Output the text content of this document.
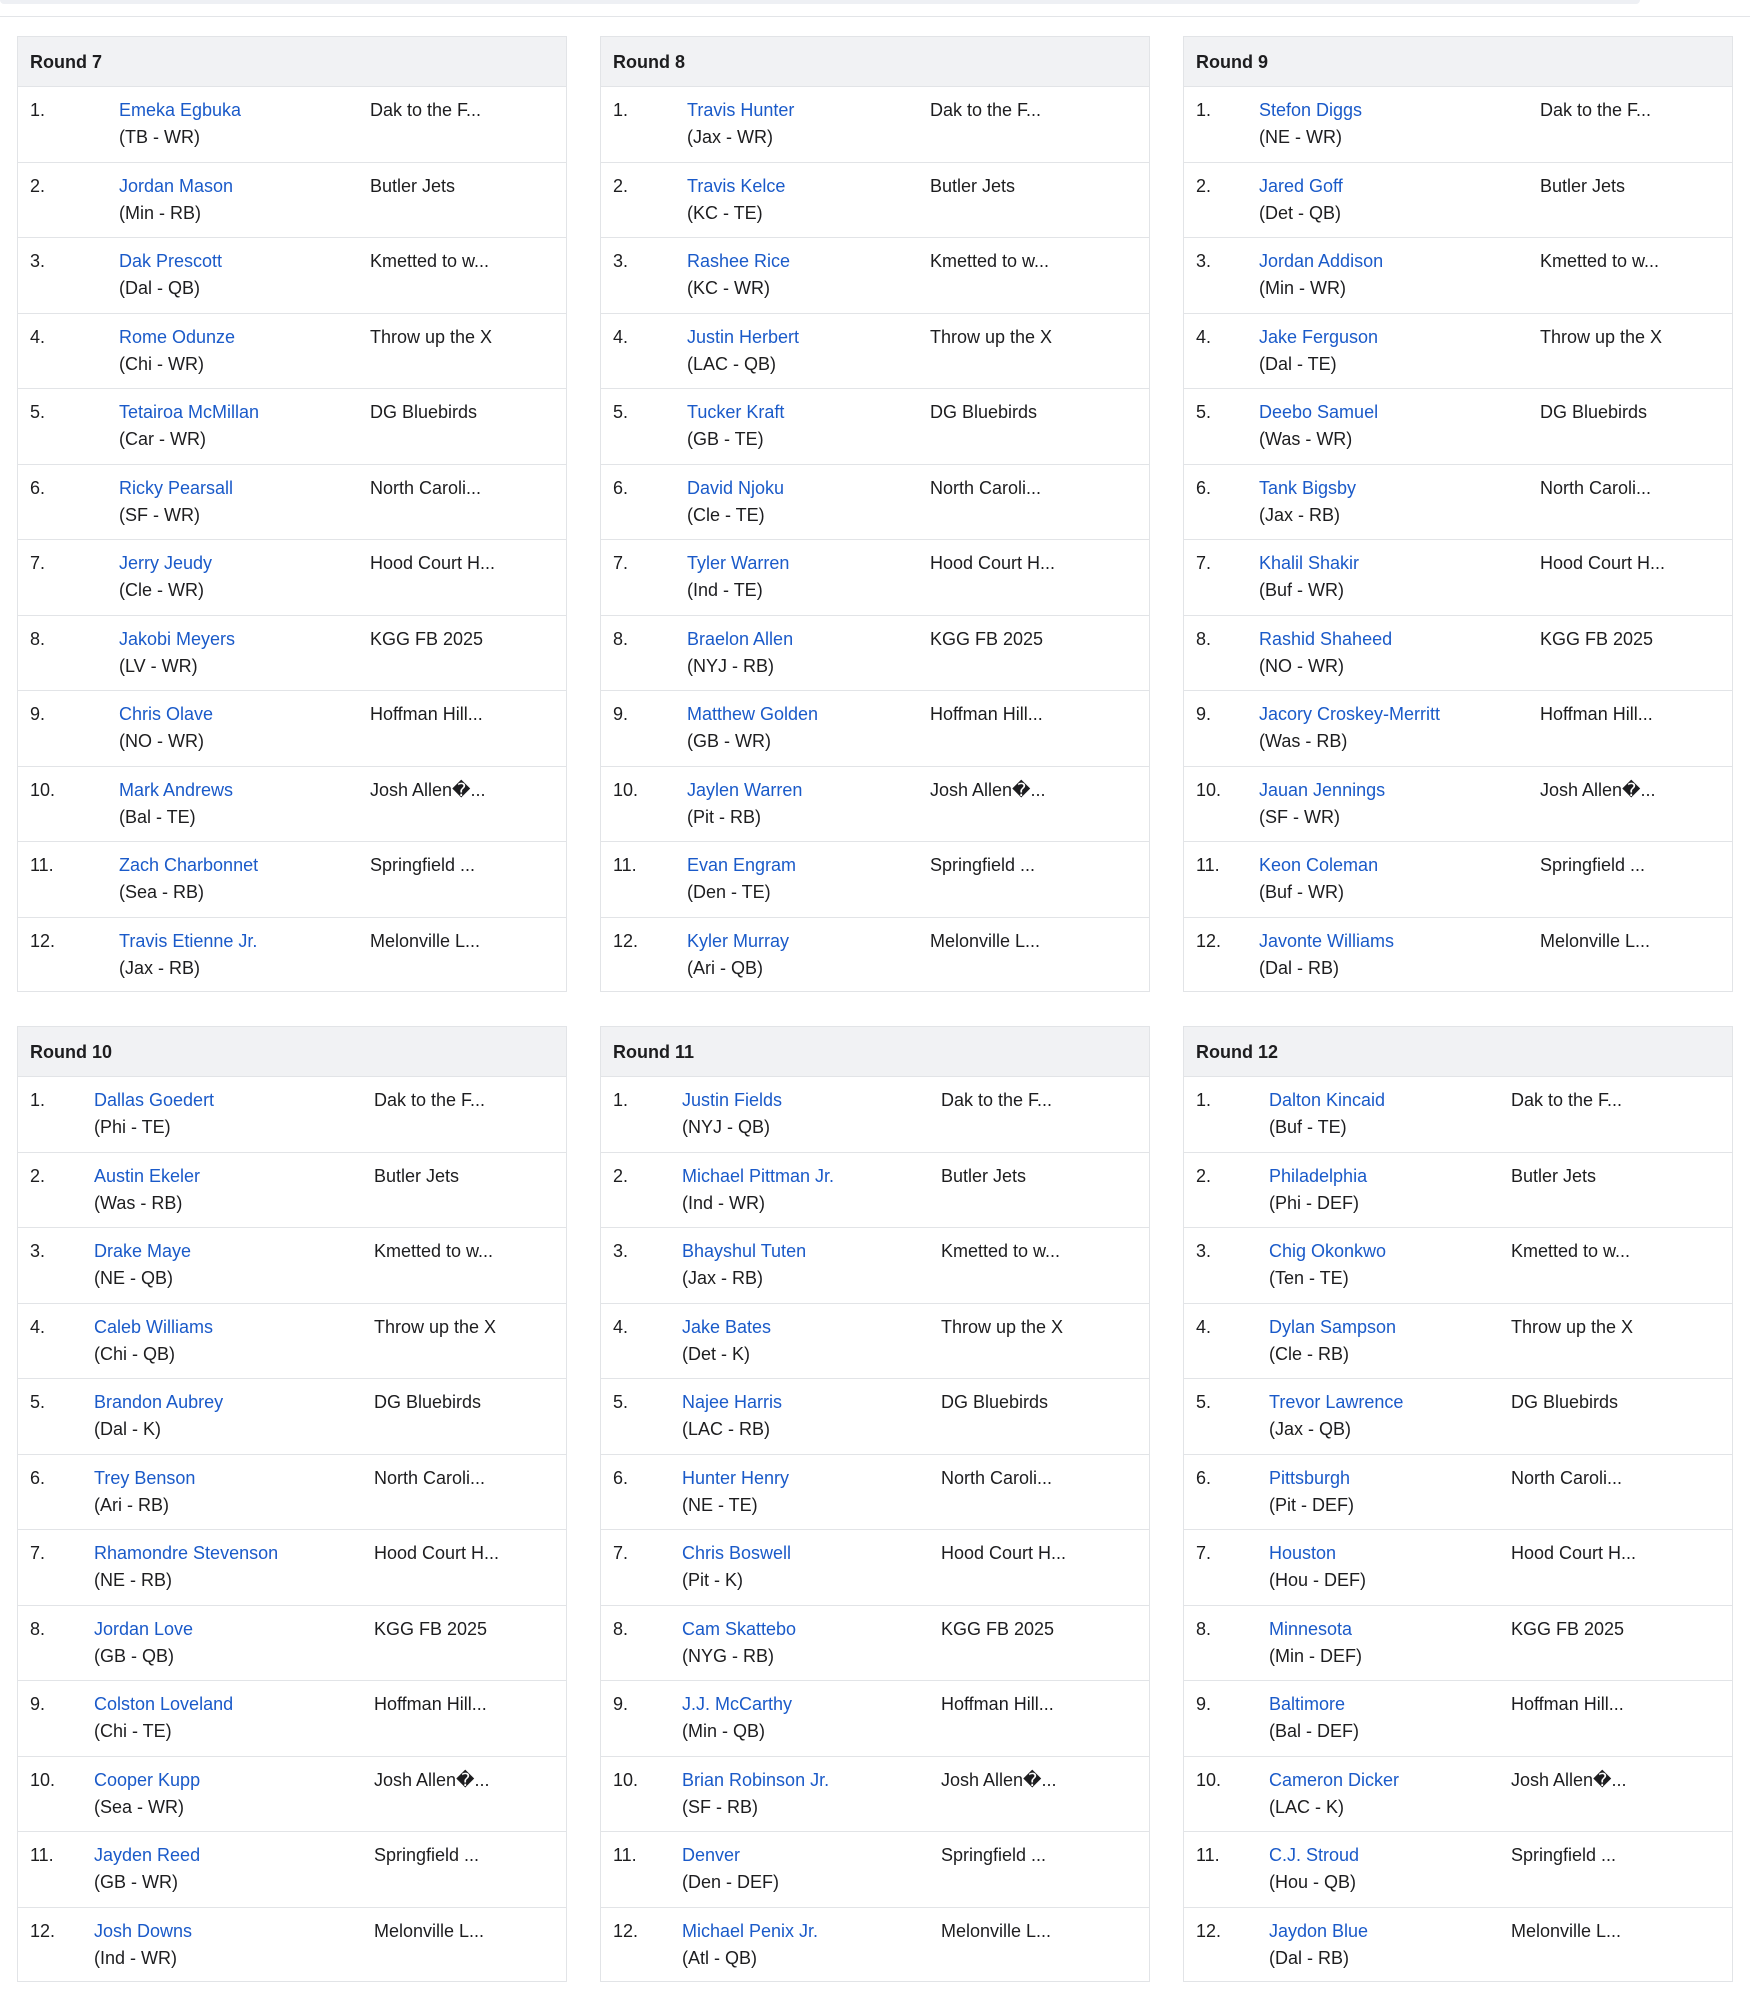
Round 7
1.	Emeka Egbuka
(TB - WR)
Dak to the F...
2.	Jordan Mason
(Min - RB)
Butler Jets
3.	Dak Prescott
(Dal - QB)
Kmetted to w...
4.	Rome Odunze
(Chi - WR)
Throw up the X
5.	Tetairoa McMillan
(Car - WR)
DG Bluebirds
6.	Ricky Pearsall
(SF - WR)
North Caroli...
7.	Jerry Jeudy
(Cle - WR)
Hood Court H...
8.	Jakobi Meyers
(LV - WR)
KGG FB 2025
9.	Chris Olave
(NO - WR)
Hoffman Hill...
10.	Mark Andrews
(Bal - TE)
Josh Allen�...
11.	Zach Charbonnet
(Sea - RB)
Springfield ...
12.	Travis Etienne Jr.
(Jax - RB)
Melonville L...
Round 8
1.	Travis Hunter
(Jax - WR)
Dak to the F...
2.	Travis Kelce
(KC - TE)
Butler Jets
3.	Rashee Rice
(KC - WR)
Kmetted to w...
4.	Justin Herbert
(LAC - QB)
Throw up the X
5.	Tucker Kraft
(GB - TE)
DG Bluebirds
6.	David Njoku
(Cle - TE)
North Caroli...
7.	Tyler Warren
(Ind - TE)
Hood Court H...
8.	Braelon Allen
(NYJ - RB)
KGG FB 2025
9.	Matthew Golden
(GB - WR)
Hoffman Hill...
10.	Jaylen Warren
(Pit - RB)
Josh Allen�...
11.	Evan Engram
(Den - TE)
Springfield ...
12.	Kyler Murray
(Ari - QB)
Melonville L...
Round 9
1.	Stefon Diggs
(NE - WR)
Dak to the F...
2.	Jared Goff
(Det - QB)
Butler Jets
3.	Jordan Addison
(Min - WR)
Kmetted to w...
4.	Jake Ferguson
(Dal - TE)
Throw up the X
5.	Deebo Samuel
(Was - WR)
DG Bluebirds
6.	Tank Bigsby
(Jax - RB)
North Caroli...
7.	Khalil Shakir
(Buf - WR)
Hood Court H...
8.	Rashid Shaheed
(NO - WR)
KGG FB 2025
9.	Jacory Croskey-Merritt
(Was - RB)
Hoffman Hill...
10. Jauan Jennings
(SF - WR)
Josh Allen�...
11. Keon Coleman
(Buf - WR)
Springfield ...
12. Javonte Williams
(Dal - RB)
Melonville L...
Round 10
1.	Dallas Goedert
(Phi - TE)
Dak to the F...
2.	Austin Ekeler
(Was - RB)
Butler Jets
3.	Drake Maye
(NE - QB)
Kmetted to w...
4.	Caleb Williams
(Chi - QB)
Throw up the X
5.	Brandon Aubrey
(Dal - K)
DG Bluebirds
6.	Trey Benson
(Ari - RB)
North Caroli...
7.	Rhamondre Stevenson
(NE - RB)
Hood Court H...
8.	Jordan Love
(GB - QB)
KGG FB 2025
9.	Colston Loveland
(Chi - TE)
Hoffman Hill...
10. Cooper Kupp
(Sea - WR)
Josh Allen�...
11. Jayden Reed
(GB - WR)
Springfield ...
12. Josh Downs
(Ind - WR)
Melonville L...
Round 11
1.	Justin Fields
(NYJ - QB)
Dak to the F...
2.	Michael Pittman Jr.
(Ind - WR)
Butler Jets
3.	Bhayshul Tuten
(Jax - RB)
Kmetted to w...
4.	Jake Bates
(Det - K)
Throw up the X
5.	Najee Harris
(LAC - RB)
DG Bluebirds
6.	Hunter Henry
(NE - TE)
North Caroli...
7.	Chris Boswell
(Pit - K)
Hood Court H...
8.	Cam Skattebo
(NYG - RB)
KGG FB 2025
9.	J.J. McCarthy
(Min - QB)
Hoffman Hill...
10. Brian Robinson Jr.
(SF - RB)
Josh Allen�...
11.	Denver
(Den - DEF)
Springfield ...
12. Michael Penix Jr.
(Atl - QB)
Melonville L...
Round 12
1.	Dalton Kincaid
(Buf - TE)
Dak to the F...
2.	Philadelphia
(Phi - DEF)
Butler Jets
3.	Chig Okonkwo
(Ten - TE)
Kmetted to w...
4.	Dylan Sampson
(Cle - RB)
Throw up the X
5.	Trevor Lawrence
(Jax - QB)
DG Bluebirds
6.	Pittsburgh
(Pit - DEF)
North Caroli...
7.	Houston
(Hou - DEF)
Hood Court H...
8.	Minnesota
(Min - DEF)
KGG FB 2025
9.	Baltimore
(Bal - DEF)
Hoffman Hill...
10.	Cameron Dicker
(LAC - K)
Josh Allen�...
11.	C.J. Stroud
(Hou - QB)
Springfield ...
12.	Jaydon Blue
(Dal - RB)
Melonville L...
